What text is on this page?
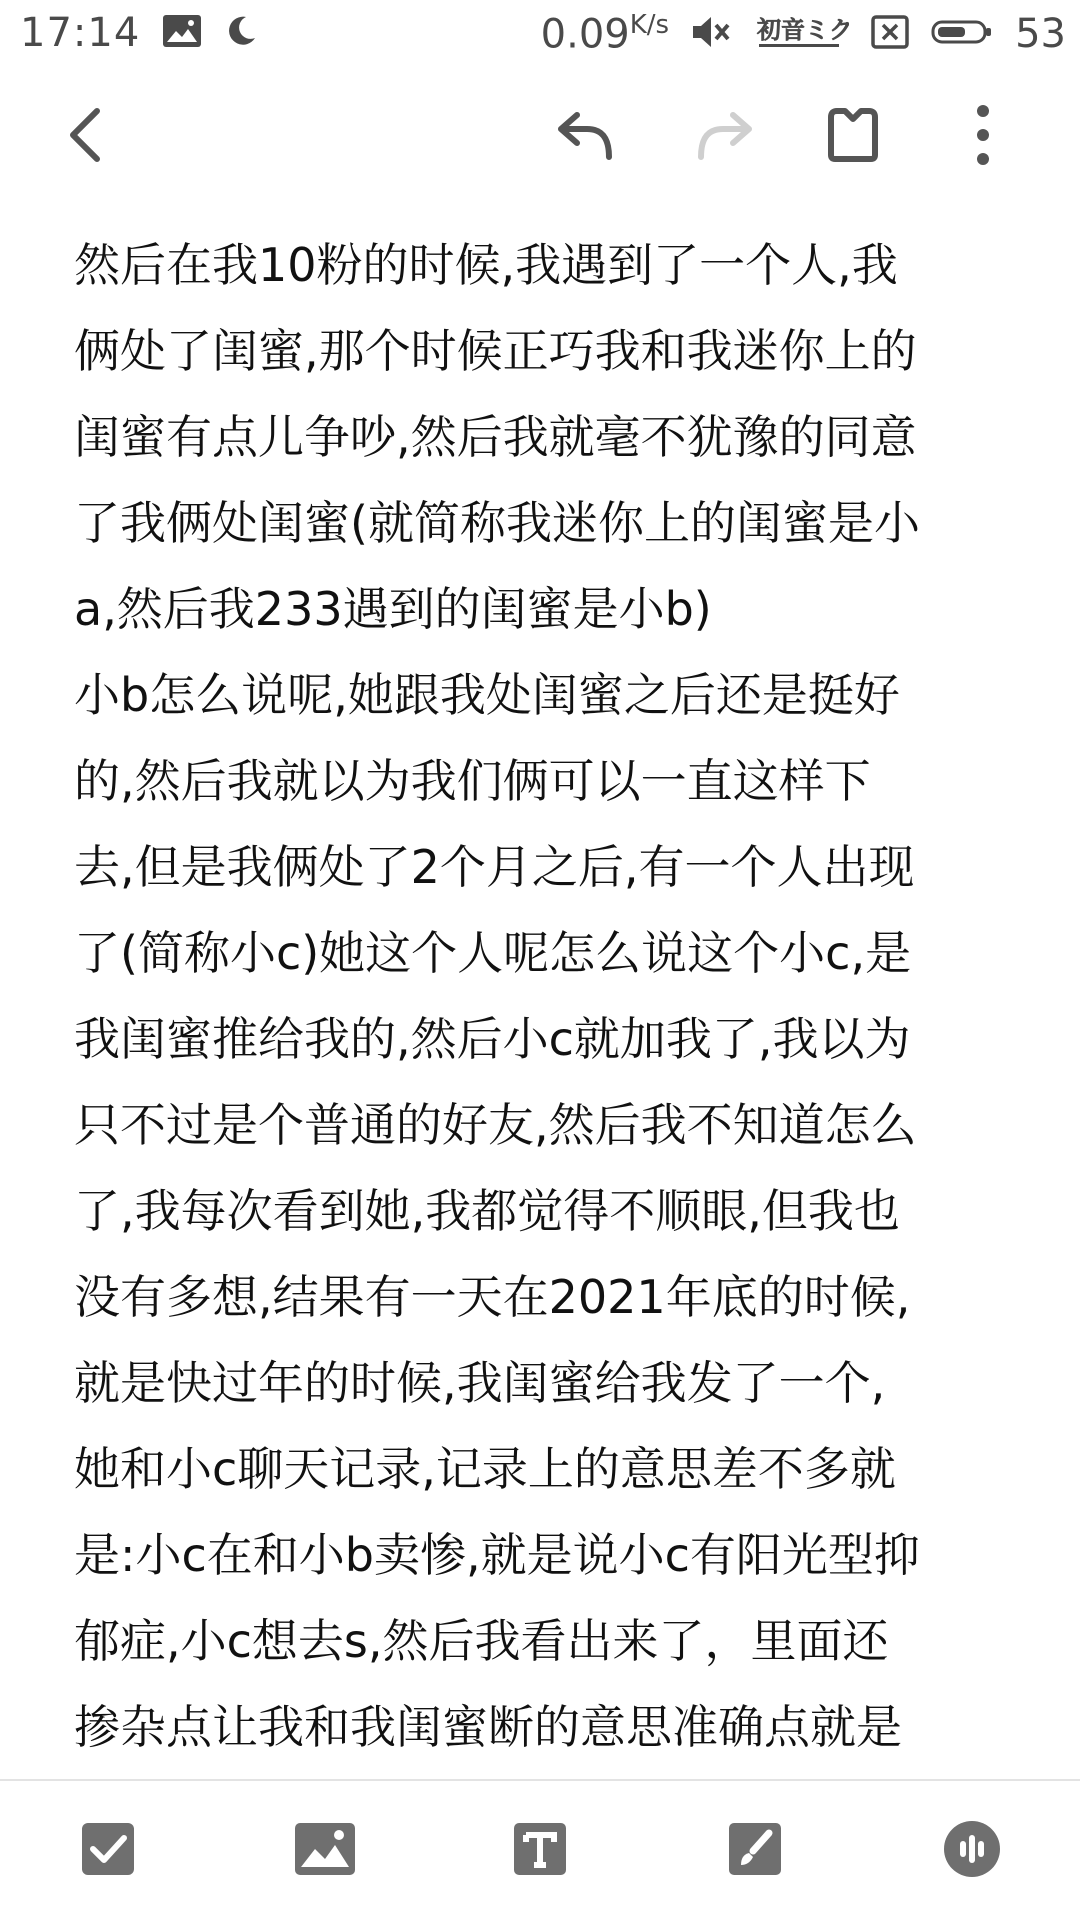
17:14	$0.09^{K/s}$	初音ミク	53
然后在我10粉的时候,我遇到了一个人,我
俩处了闺蜜,那个时候正巧我和我迷你上的
闺蜜有点儿争吵,然后我就毫不犹豫的同意
了我俩处闺蜜(就简称我迷你上的闺蜜是小
a,然后我233遇到的闺蜜是小b)
小b怎么说呢,她跟我处闺蜜之后还是挺好
的,然后我就以为我们俩可以一直这样下
去,但是我俩处了2个月之后,有一个人出现
了(简称小c)她这个人呢怎么说这个小c,是
我闺蜜推给我的,然后小c就加我了,我以为
只不过是个普通的好友,然后我不知道怎么
了,我每次看到她,我都觉得不顺眼,但我也
没有多想,结果有一天在2021年底的时候,
就是快过年的时候,我闺蜜给我发了一个,
她和小c聊天记录,记录上的意思差不多就
是:小c在和小b卖惨,就是说小c有阳光型抑
郁症,小c想去s,然后我看出来了，里面还
掺杂点让我和我闺蜜断的意思准确点就是
